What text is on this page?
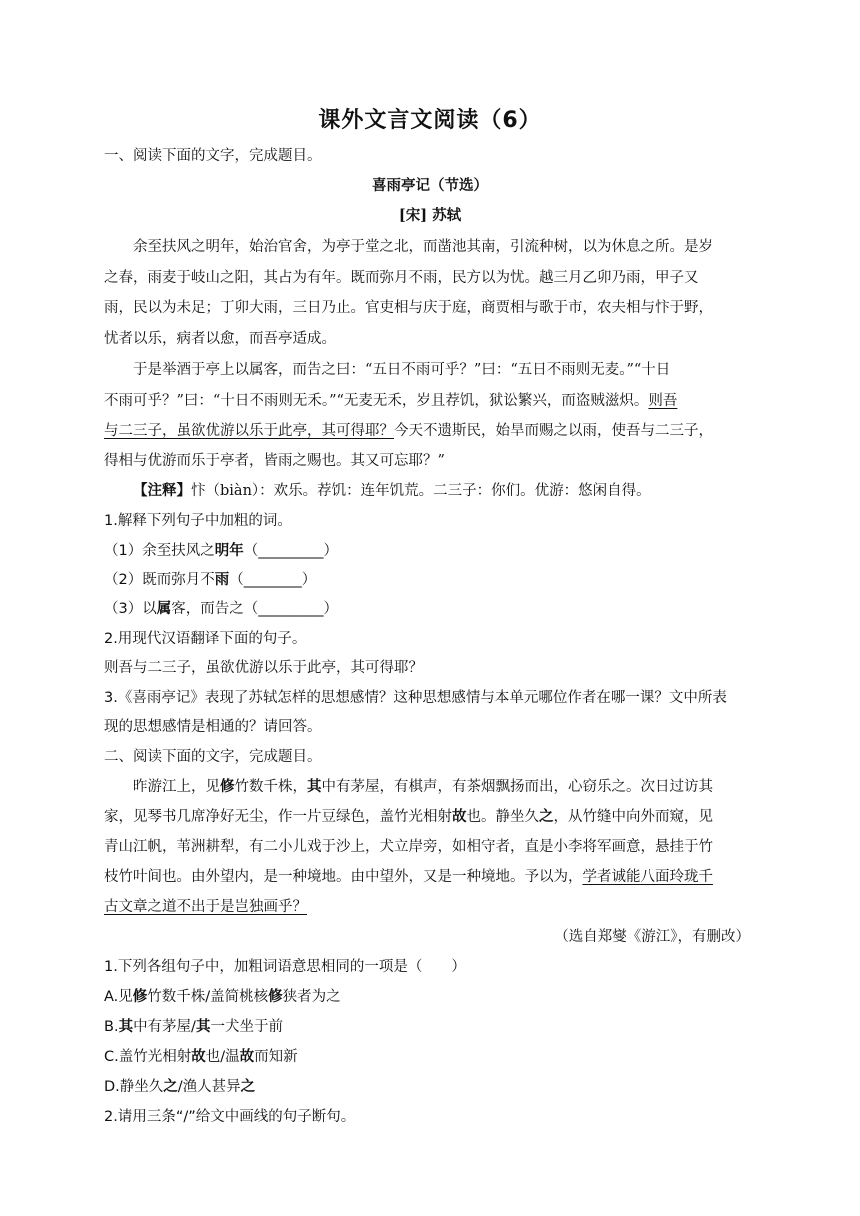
课外文言文阅读（6）
一、阅读下面的文字，完成题目。
喜雨亭记（节选）
[宋] 苏轼
余至扶风之明年，始治官舍，为亭于堂之北，而凿池其南，引流种树，以为休息之所。是岁
之春，雨麦于岐山之阳，其占为有年。既而弥月不雨，民方以为忧。越三月乙卯乃雨，甲子又
雨，民以为未足；丁卯大雨，三日乃止。官吏相与庆于庭，商贾相与歌于市，农夫相与忭于野，
忧者以乐，病者以愈，而吾亭适成。
于是举酒于亭上以属客，而告之曰：“五日不雨可乎？”曰：“五日不雨则无麦。”“十日
不雨可乎？”曰：“十日不雨则无禾。”“无麦无禾，岁且荐饥，狱讼繁兴，而盗贼滋炽。则吾
与二三子，虽欲优游以乐于此亭，其可得耶？今天不遗斯民，始旱而赐之以雨，使吾与二三子，
得相与优游而乐于亭者，皆雨之赐也。其又可忘耶？”
【注释】忭（biàn）：欢乐。荐饥：连年饥荒。二三子：你们。优游：悠闲自得。
1.解释下列句子中加粗的词。
（1）余至扶风之明年（_________）
（2）既而弥月不雨（________）
（3）以属客，而告之（_________）
2.用现代汉语翻译下面的句子。
则吾与二三子，虽欲优游以乐于此亭，其可得耶？
3.《喜雨亭记》表现了苏轼怎样的思想感情？这种思想感情与本单元哪位作者在哪一课？文中所表
现的思想感情是相通的？请回答。
二、阅读下面的文字，完成题目。
昨游江上，见修竹数千株，其中有茅屋，有棋声，有茶烟飘扬而出，心窃乐之。次日过访其
家，见琴书几席净好无尘，作一片豆绿色，盖竹光相射故也。静坐久之，从竹缝中向外而窥，见
青山江帆，苇洲耕犁，有二小儿戏于沙上，犬立岸旁，如相守者，直是小李将军画意，悬挂于竹
枝竹叶间也。由外望内，是一种境地。由中望外，又是一种境地。予以为，学者诚能八面玲珑千
古文章之道不出于是岂独画乎？
（选自郑燮《游江》，有删改）
1.下列各组句子中，加粗词语意思相同的一项是（　　）
A.见修竹数千株/盖简桃核修狭者为之
B.其中有茅屋/其一犬坐于前
C.盖竹光相射故也/温故而知新
D.静坐久之/渔人甚异之
2.请用三条“/”给文中画线的句子断句。
